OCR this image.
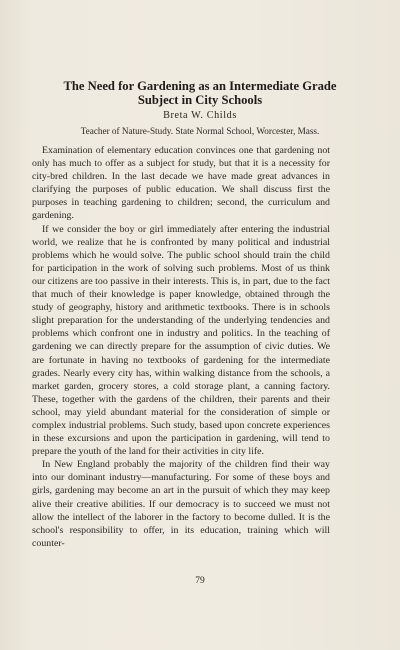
The Need for Gardening as an Intermediate Grade
Subject in City Schools
Breta W. Childs
Teacher of Nature-Study. State Normal School, Worcester, Mass.

Examination of elementary education convinces one that gardening not only has much to offer as a subject for study, but that it is a necessity for city-bred children. In the last decade we have made great advances in clarifying the purposes of public education. We shall discuss first the purposes in teaching gardening to children; second, the curriculum and gardening.

If we consider the boy or girl immediately after entering the industrial world, we realize that he is confronted by many political and industrial problems which he would solve. The public school should train the child for participation in the work of solving such problems. Most of us think our citizens are too passive in their interests. This is, in part, due to the fact that much of their knowledge is paper knowledge, obtained through the study of geography, history and arithmetic textbooks. There is in schools slight preparation for the understanding of the underlying tendencies and problems which confront one in industry and politics. In the teaching of gardening we can directly prepare for the assumption of civic duties. We are fortunate in having no textbooks of gardening for the intermediate grades. Nearly every city has, within walking distance from the schools, a market garden, grocery stores, a cold storage plant, a canning factory. These, together with the gardens of the children, their parents and their school, may yield abundant material for the consideration of simple or complex industrial problems. Such study, based upon concrete experiences in these excursions and upon the participation in gardening, will tend to prepare the youth of the land for their activities in city life.

In New England probably the majority of the children find their way into our dominant industry—manufacturing. For some of these boys and girls, gardening may become an art in the pursuit of which they may keep alive their creative abilities. If our democracy is to succeed we must not allow the intellect of the laborer in the factory to become dulled. It is the school's responsibility to offer, in its education, training which will counter-

79
